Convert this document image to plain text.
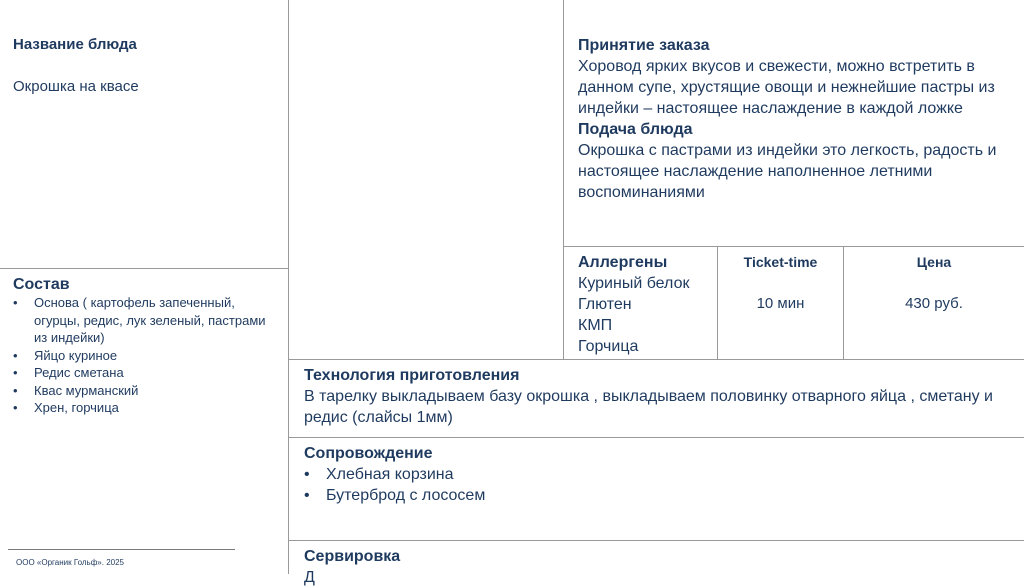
Название блюда
Окрошка на квасе
Состав
• Основа ( картофель запеченный, огурцы, редис, лук зеленый, пастрами из индейки)
• Яйцо куриное
• Редис сметана
• Квас мурманский
• Хрен, горчица
Принятие заказа
Хоровод ярких вкусов и свежести, можно встретить в данном супе, хрустящие овощи и нежнейшие пастры из индейки – настоящее наслаждение в каждой ложке
Подача блюда
Окрошка с пастрами из индейки это легкость, радость и настоящее наслаждение наполненное летними воспоминаниями
Аллергены
Куриный белок
Глютен
КМП
Горчица
Ticket-time
10 мин
Цена
430 руб.
Технология приготовления
В тарелку выкладываем базу окрошка , выкладываем половинку отварного яйца , сметану и редис (слайсы 1мм)
Сопровождение
• Хлебная корзина
• Бутерброд с лососем
Сервировка
Д
ООО «Органик Гольф». 2025
